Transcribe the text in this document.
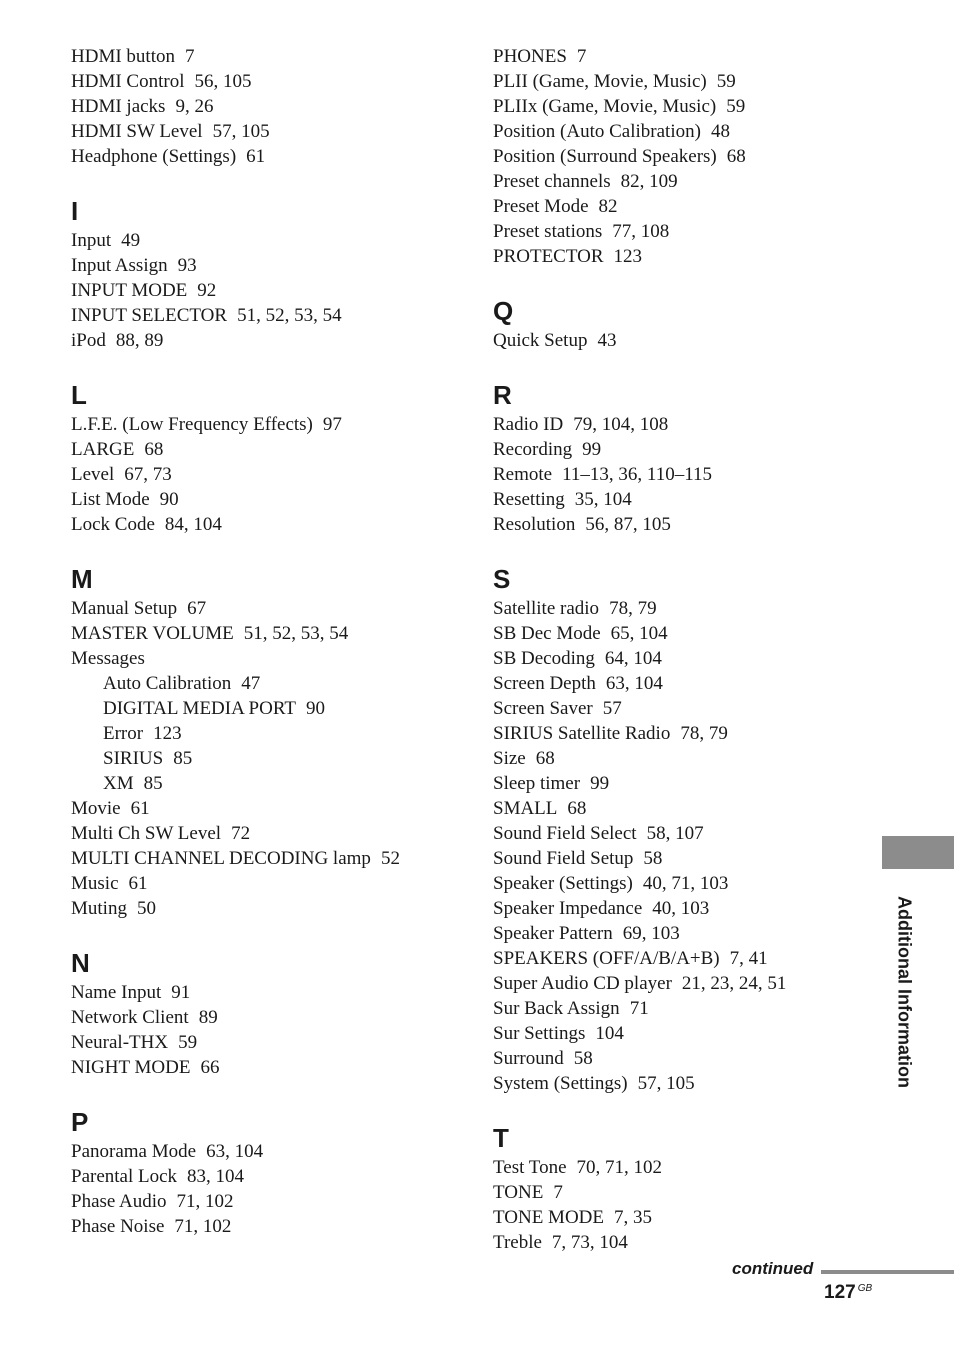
HDMI button 7
HDMI Control 56, 105
HDMI jacks 9, 26
HDMI SW Level 57, 105
Headphone (Settings) 61
I
Input 49
Input Assign 93
INPUT MODE 92
INPUT SELECTOR 51, 52, 53, 54
iPod 88, 89
L
L.F.E. (Low Frequency Effects) 97
LARGE 68
Level 67, 73
List Mode 90
Lock Code 84, 104
M
Manual Setup 67
MASTER VOLUME 51, 52, 53, 54
Messages
Auto Calibration 47
DIGITAL MEDIA PORT 90
Error 123
SIRIUS 85
XM 85
Movie 61
Multi Ch SW Level 72
MULTI CHANNEL DECODING lamp 52
Music 61
Muting 50
N
Name Input 91
Network Client 89
Neural-THX 59
NIGHT MODE 66
P
Panorama Mode 63, 104
Parental Lock 83, 104
Phase Audio 71, 102
Phase Noise 71, 102
PHONES 7
PLII (Game, Movie, Music) 59
PLIIx (Game, Movie, Music) 59
Position (Auto Calibration) 48
Position (Surround Speakers) 68
Preset channels 82, 109
Preset Mode 82
Preset stations 77, 108
PROTECTOR 123
Q
Quick Setup 43
R
Radio ID 79, 104, 108
Recording 99
Remote 11–13, 36, 110–115
Resetting 35, 104
Resolution 56, 87, 105
S
Satellite radio 78, 79
SB Dec Mode 65, 104
SB Decoding 64, 104
Screen Depth 63, 104
Screen Saver 57
SIRIUS Satellite Radio 78, 79
Size 68
Sleep timer 99
SMALL 68
Sound Field Select 58, 107
Sound Field Setup 58
Speaker (Settings) 40, 71, 103
Speaker Impedance 40, 103
Speaker Pattern 69, 103
SPEAKERS (OFF/A/B/A+B) 7, 41
Super Audio CD player 21, 23, 24, 51
Sur Back Assign 71
Sur Settings 104
Surround 58
System (Settings) 57, 105
T
Test Tone 70, 71, 102
TONE 7
TONE MODE 7, 35
Treble 7, 73, 104
Additional Information
continued
127 $^{GB}$
